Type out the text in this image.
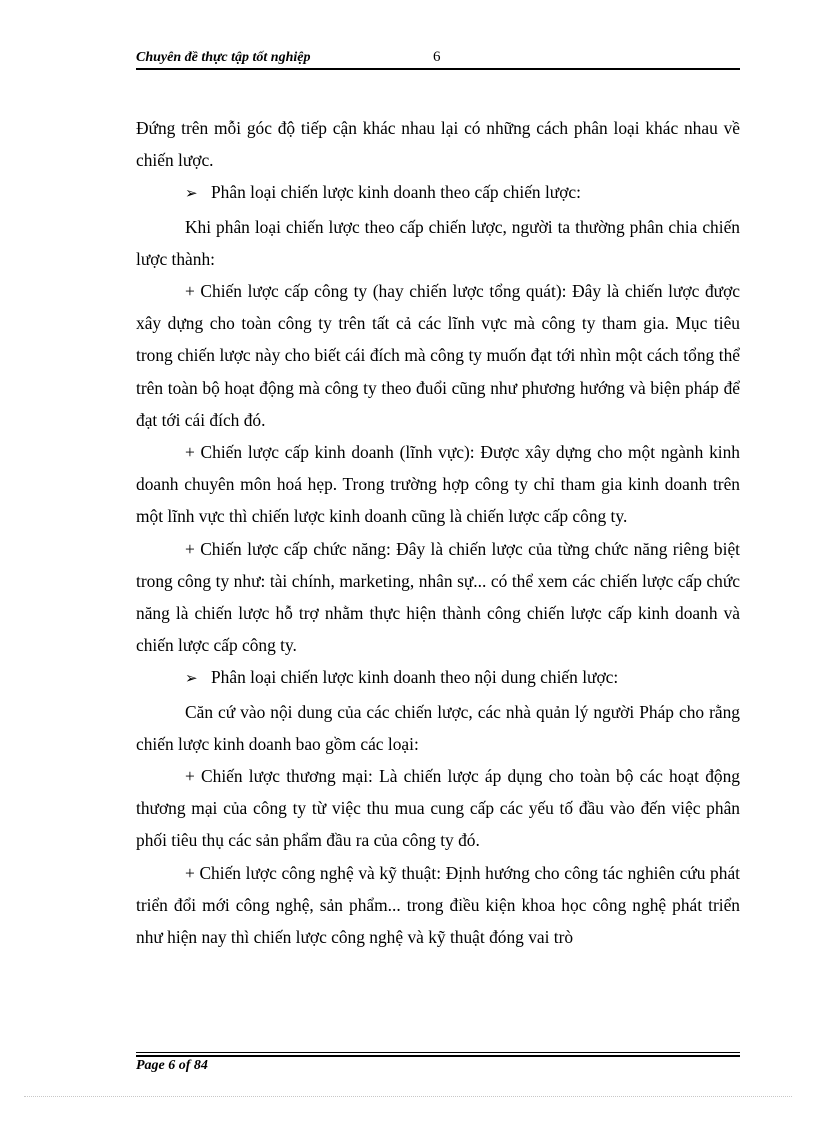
Chuyên đề thực tập tốt nghiệp	6

Đứng trên mỗi góc độ tiếp cận khác nhau lại có những cách phân loại khác nhau về chiến lược.

➢ Phân loại chiến lược kinh doanh theo cấp chiến lược:

Khi phân loại chiến lược theo cấp chiến lược, người ta thường phân chia chiến lược thành:

+ Chiến lược cấp công ty (hay chiến lược tổng quát): Đây là chiến lược được xây dựng cho toàn công ty trên tất cả các lĩnh vực mà công ty tham gia. Mục tiêu trong chiến lược này cho biết cái đích mà công ty muốn đạt tới nhìn một cách tổng thể trên toàn bộ hoạt động mà công ty theo đuổi cũng như phương hướng và biện pháp để đạt tới cái đích đó.

+ Chiến lược cấp kinh doanh (lĩnh vực): Được xây dựng cho một ngành kinh doanh chuyên môn hoá hẹp. Trong trường hợp công ty chỉ tham gia kinh doanh trên một lĩnh vực thì chiến lược kinh doanh cũng là chiến lược cấp công ty.

+ Chiến lược cấp chức năng: Đây là chiến lược của từng chức năng riêng biệt trong công ty như: tài chính, marketing, nhân sự... có thể xem các chiến lược cấp chức năng là chiến lược hỗ trợ nhằm thực hiện thành công chiến lược cấp kinh doanh và chiến lược cấp công ty.

➢ Phân loại chiến lược kinh doanh theo nội dung chiến lược:

Căn cứ vào nội dung của các chiến lược, các nhà quản lý người Pháp cho rằng chiến lược kinh doanh bao gồm các loại:

+ Chiến lược thương mại: Là chiến lược áp dụng cho toàn bộ các hoạt động thương mại của công ty từ việc thu mua cung cấp các yếu tố đầu vào đến việc phân phối tiêu thụ các sản phẩm đầu ra của công ty đó.

+ Chiến lược công nghệ và kỹ thuật: Định hướng cho công tác nghiên cứu phát triển đổi mới công nghệ, sản phẩm... trong điều kiện khoa học công nghệ phát triển như hiện nay thì chiến lược công nghệ và kỹ thuật đóng vai trò

Page 6 of 84
